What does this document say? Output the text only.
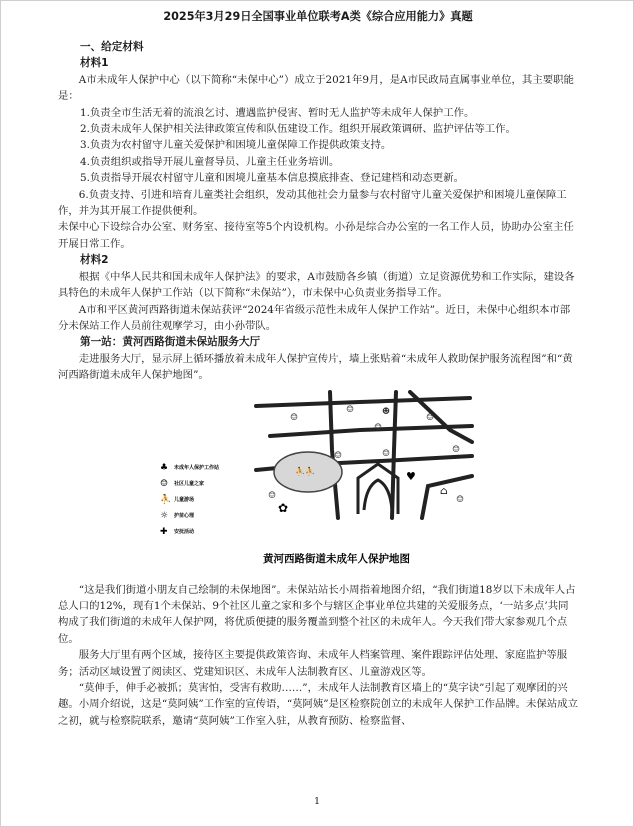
2025年3月29日全国事业单位联考A类《综合应用能力》真题
一、给定材料
材料1

A市未成年人保护中心（以下简称“未保中心”）成立于2021年9月，是A市民政局直属事业单位，其主要职能是：

1.负责全市生活无着的流浪乞讨、遭遇监护侵害、暂时无人监护等未成年人保护工作。

2.负责未成年人保护相关法律政策宣传和队伍建设工作。组织开展政策调研、监护评估等工作。

3.负责为农村留守儿童关爱保护和困境儿童保障工作提供政策支持。

4.负责组织或指导开展儿童督导员、儿童主任业务培训。

5.负责指导开展农村留守儿童和困境儿童基本信息摸底排查、登记建档和动态更新。

6.负责支持、引进和培育儿童类社会组织，发动其他社会力量参与农村留守儿童关爱保护和困境儿童保障工作，并为其开展工作提供便利。

未保中心下设综合办公室、财务室、接待室等5个内设机构。小孙是综合办公室的一名工作人员，协助办公室主任开展日常工作。

材料2

根据《中华人民共和国未成年人保护法》的要求，A市鼓励各乡镇（街道）立足资源优势和工作实际，建设各具特色的未成年人保护工作站（以下简称“未保站”），市未保中心负责业务指导工作。

A市和平区黄河西路街道未保站获评“2024年省级示范性未成年人保护工作站”。近日，未保中心组织本市部分未保站工作人员前往观摩学习，由小孙带队。

第一站：黄河西路街道未保站服务大厅

走进服务大厅，显示屏上循环播放着未成年人保护宣传片，墙上张贴着“未成年人救助保护服务流程图”和“黄河西路街道未成年人保护地图”。

⛹⛹	♥
☺
☺
☺
☻
☺
☺
☺
☺
☺
☺
✿
⌂
♣ 未成年人保护工作站
☺ 社区儿童之家
⛹ 儿童游场
☼ 护苗心理
✚ 安抚活动
黄河西路街道未成年人保护地图

“这是我们街道小朋友自己绘制的未保地图”。未保站站长小周指着地图介绍，“我们街道18岁以下未成年人占总人口的12%，现有1个未保站、9个社区儿童之家和多个与辖区企事业单位共建的关爱服务点，‘一站多点’共同构成了我们街道的未成年人保护网，将优质便捷的服务覆盖到整个社区的未成年人。今天我们带大家参观几个点位。

服务大厅里有两个区域，接待区主要提供政策咨询、未成年人档案管理、案件跟踪评估处理、家庭监护等服务；活动区域设置了阅读区、党建知识区、未成年人法制教育区、儿童游戏区等。

“莫伸手，伸手必被抓；莫害怕，受害有救助……”，未成年人法制教育区墙上的“莫字诀”引起了观摩团的兴趣。小周介绍说，这是“莫阿姨”工作室的宣传语，“莫阿姨”是区检察院创立的未成年人保护工作品牌。未保站成立之初，就与检察院联系，邀请“莫阿姨”工作室入驻，从教育预防、检察监督、

1
